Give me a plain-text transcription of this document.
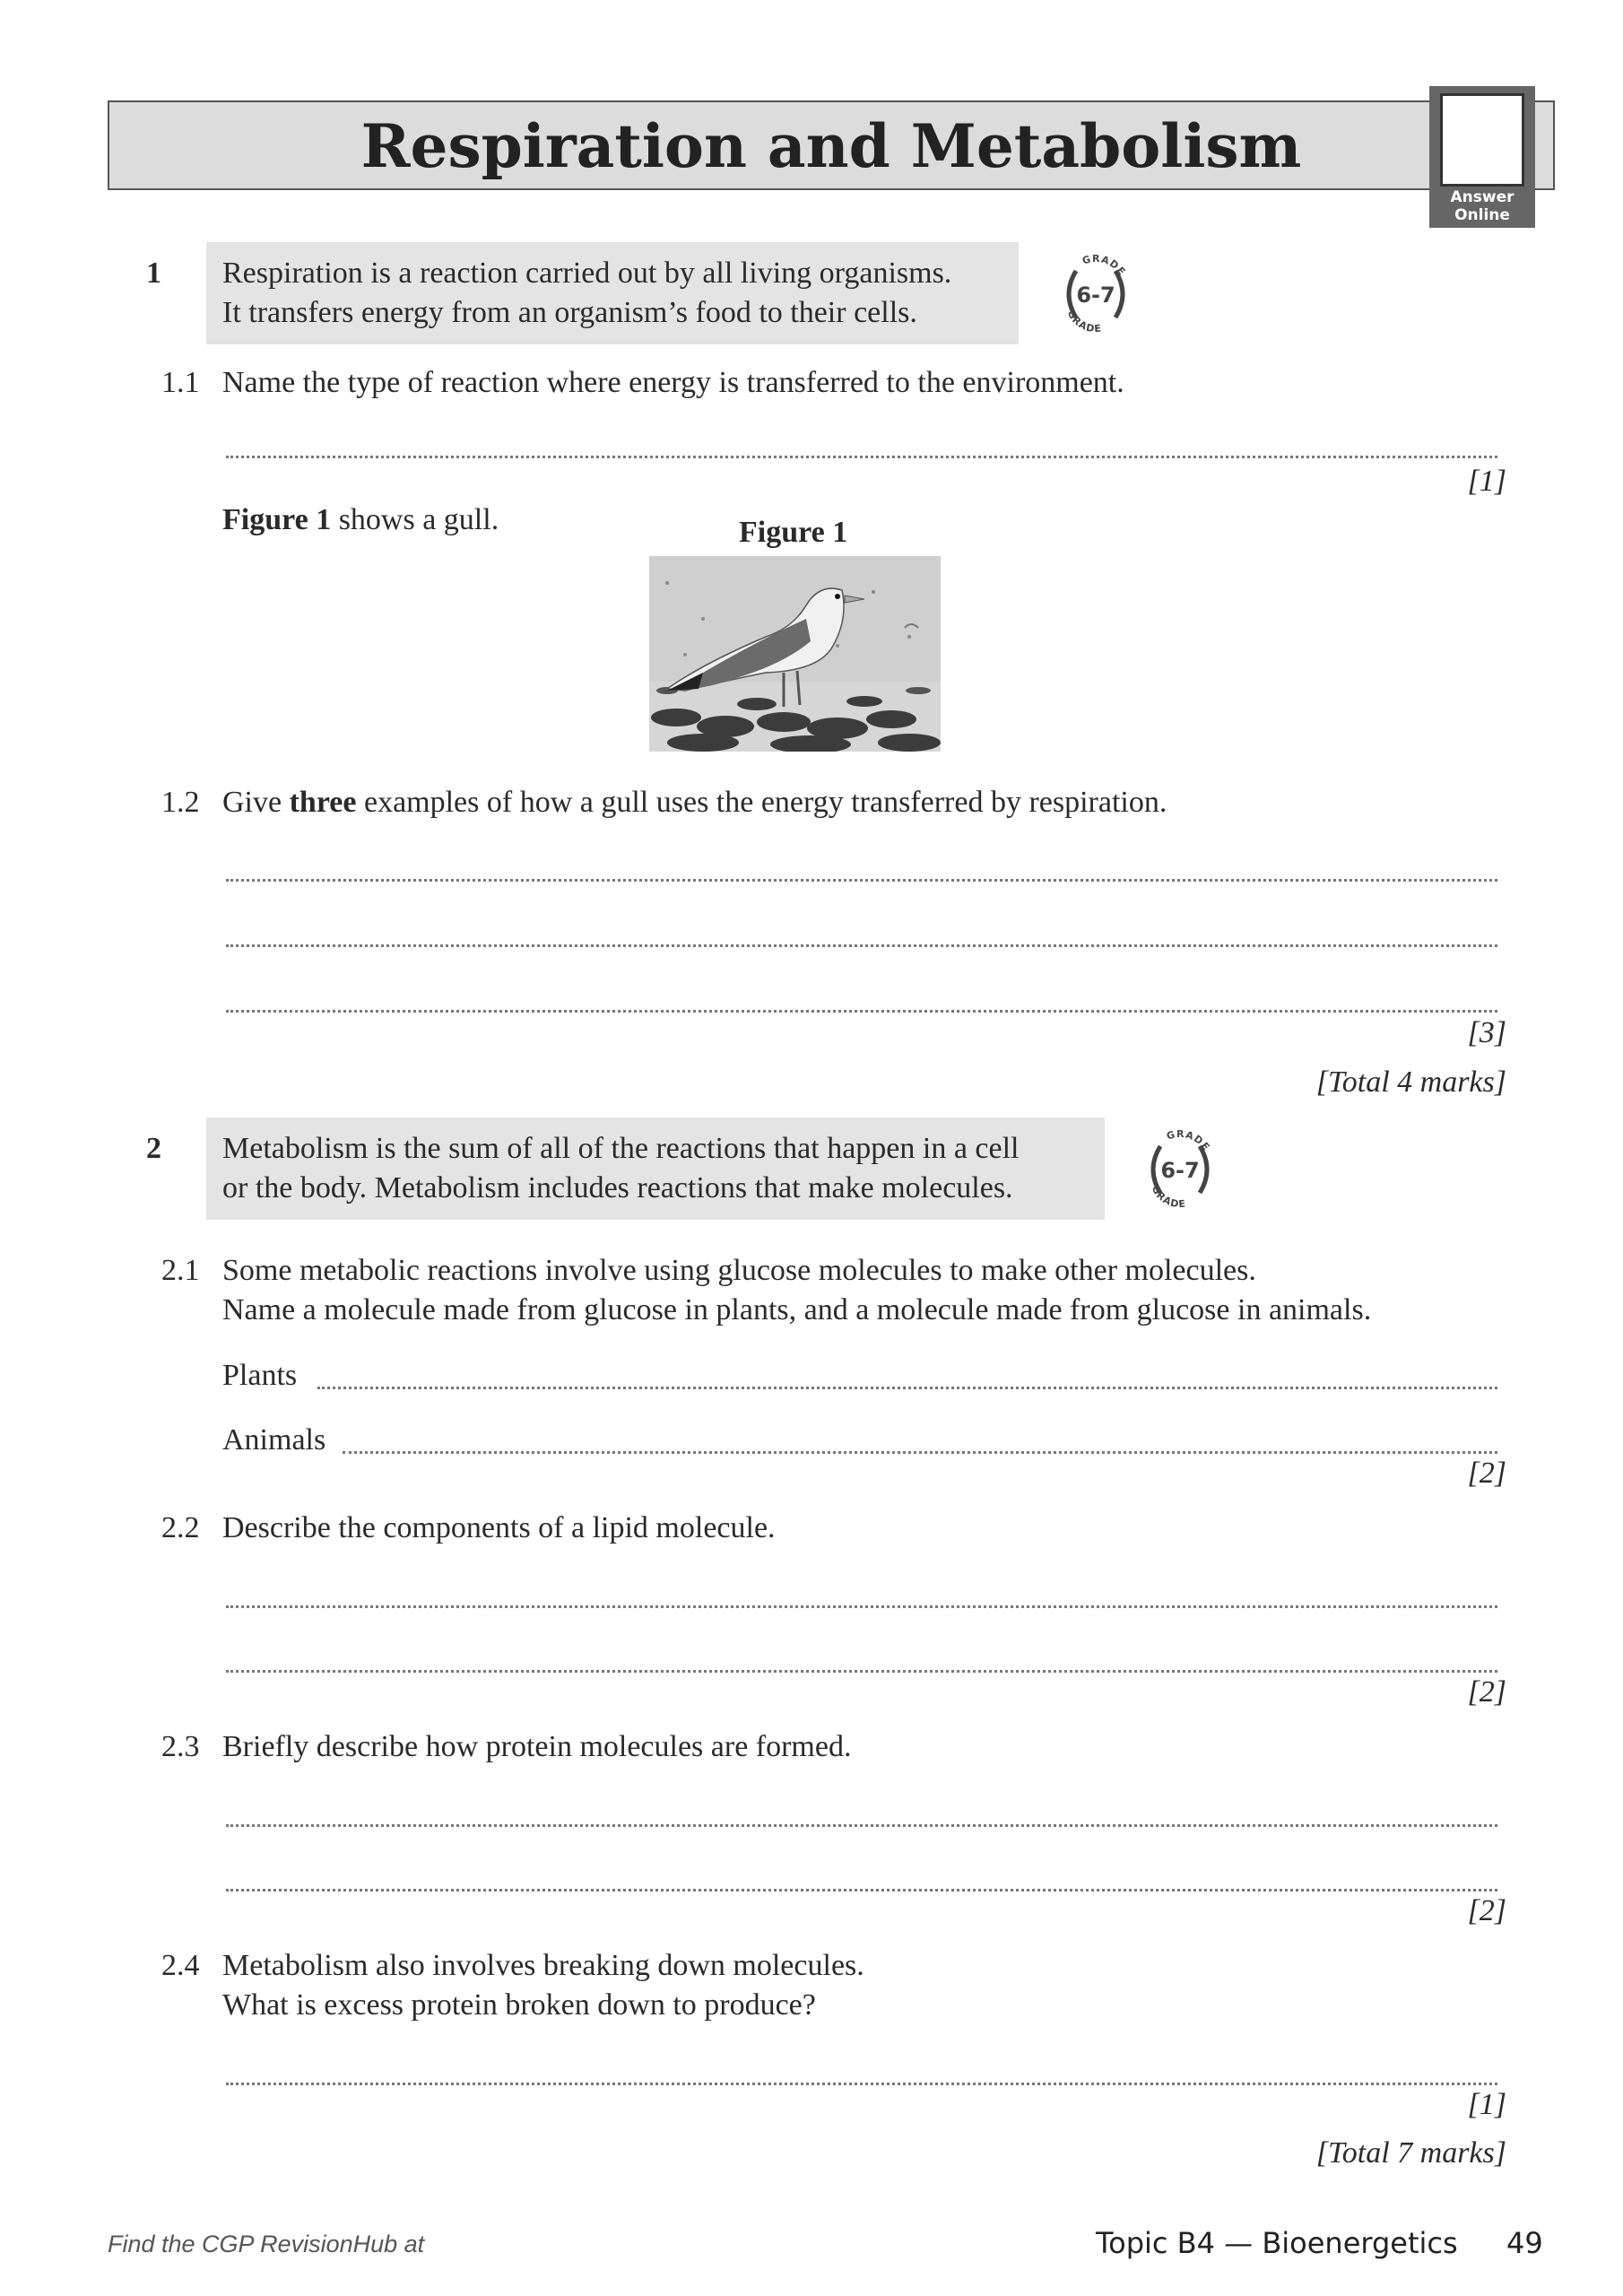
Respiration and Metabolism
Answer
Online
1 Respiration is a reaction carried out by all living organisms.
It transfers energy from an organism’s food to their cells.
GRADE
6-7
GRADE
1.1 Name the type of reaction where energy is transferred to the environment.
[1]
Figure 1 shows a gull.	Figure 1
1.2 Give three examples of how a gull uses the energy transferred by respiration.
[3]
[Total 4 marks]
2 Metabolism is the sum of all of the reactions that happen in a cell
or the body. Metabolism includes reactions that make molecules.
GRADE
6-7
GRADE
2.1 Some metabolic reactions involve using glucose molecules to make other molecules.
Name a molecule made from glucose in plants, and a molecule made from glucose in animals.
Plants
Animals
[2]
2.2 Describe the components of a lipid molecule.
[2]
2.3 Briefly describe how protein molecules are formed.
[2]
2.4 Metabolism also involves breaking down molecules.
What is excess protein broken down to produce?
[1]
[Total 7 marks]
Find the CGP RevisionHub at	Topic B4 — Bioenergetics 49
